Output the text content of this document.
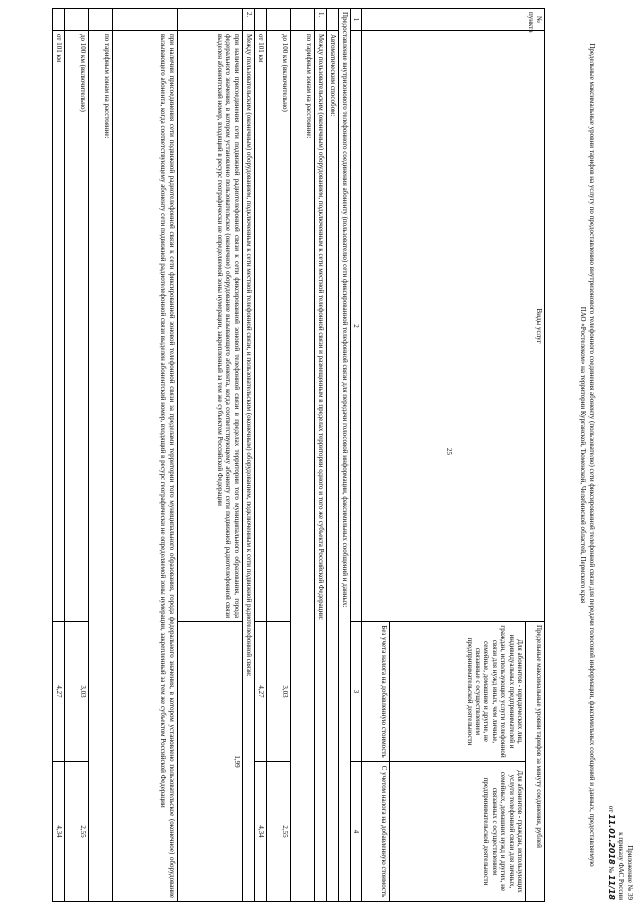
25
Приложение № 39
к приказу ФАС России
от 11.01.2018 № 11/18
Предельные максимальные уровни тарифов на услугу по предоставлению внутризонового телефонного соединения абоненту (пользователю) сети фиксированной телефонной связи для передачи голосовой информации, факсимильных сообщений и данных, предоставляемую ПАО «Ростелеком» на территории Курганской, Тюменской, Челябинской областей, Пермского края
№ пункта	Виды услуг	Предельные максимальные уровни тарифов за минуту соединения, рублей	
		Для абонентов - юридических лиц, индивидуальных предпринимателей и граждан, использующих услуги телефонной связи для нужд иных, чем личные, семейные, домашние и другие, не связанные с осуществлением предпринимательской деятельности	Для абонентов - граждан, использующих услуги телефонной связи для личных, семейных, домашних нужд и других, не связанных с осуществлением предпринимательской деятельности
		Без учета налога на добавленную стоимость	С учетом налога на добавленную стоимость
1	2	3	4
Предоставление внутризонового телефонного соединения абоненту (пользователю) сети фиксированной телефонной связи для передачи голосовой информации, факсимильных сообщений и данных:			
	Автоматическим способом:		
1.	Между пользовательским (оконечным) оборудованием, подключенным к сети местной телефонной связи и размещенным в пределах территории одного и того же субъекта Российской Федерации:		
	по тарифным зонам на расстояние:		
	до 100 км (включительно)	3,03	2,55
	от 101 км	4,27	4,34
2.	Между пользовательским (оконечным) оборудованием, подключенным к сети местной телефонной связи, и пользовательским (оконечным) оборудованием, подключенным к сети подвижной радиотелефонной связи:		
	при наличии присоединения сети подвижной радиотелефонной связи к сети фиксированной зоновой телефонной связи в пределах территории того муниципального образования, города федерального значения, в котором установлено пользовательское (оконечное) оборудование вызывающего абонента, когда соответствующему абоненту сети подвижной радиотелефонной связи выделен абонентский номер, входящий в ресурс географически не определяемой зоны нумерации, закрепленный за тем же субъектом Российской Федерации	1,99	
	при наличии присоединения сети подвижной радиотелефонной связи к сети фиксированной зоновой телефонной связи за пределами территории того муниципального образования, города федерального значения, в котором установлено пользовательское (оконечное) оборудование вызывающего абонента, когда соответствующему абоненту сети подвижной радиотелефонной связи выделен абонентский номер, входящий в ресурс географически не определяемой зоны нумерации, закрепленный за тем же субъектом Российской Федерации		
	по тарифным зонам на расстояние:		
	до 100 км (включительно)	3,03	2,55
	от 101 км	4,27	4,34
